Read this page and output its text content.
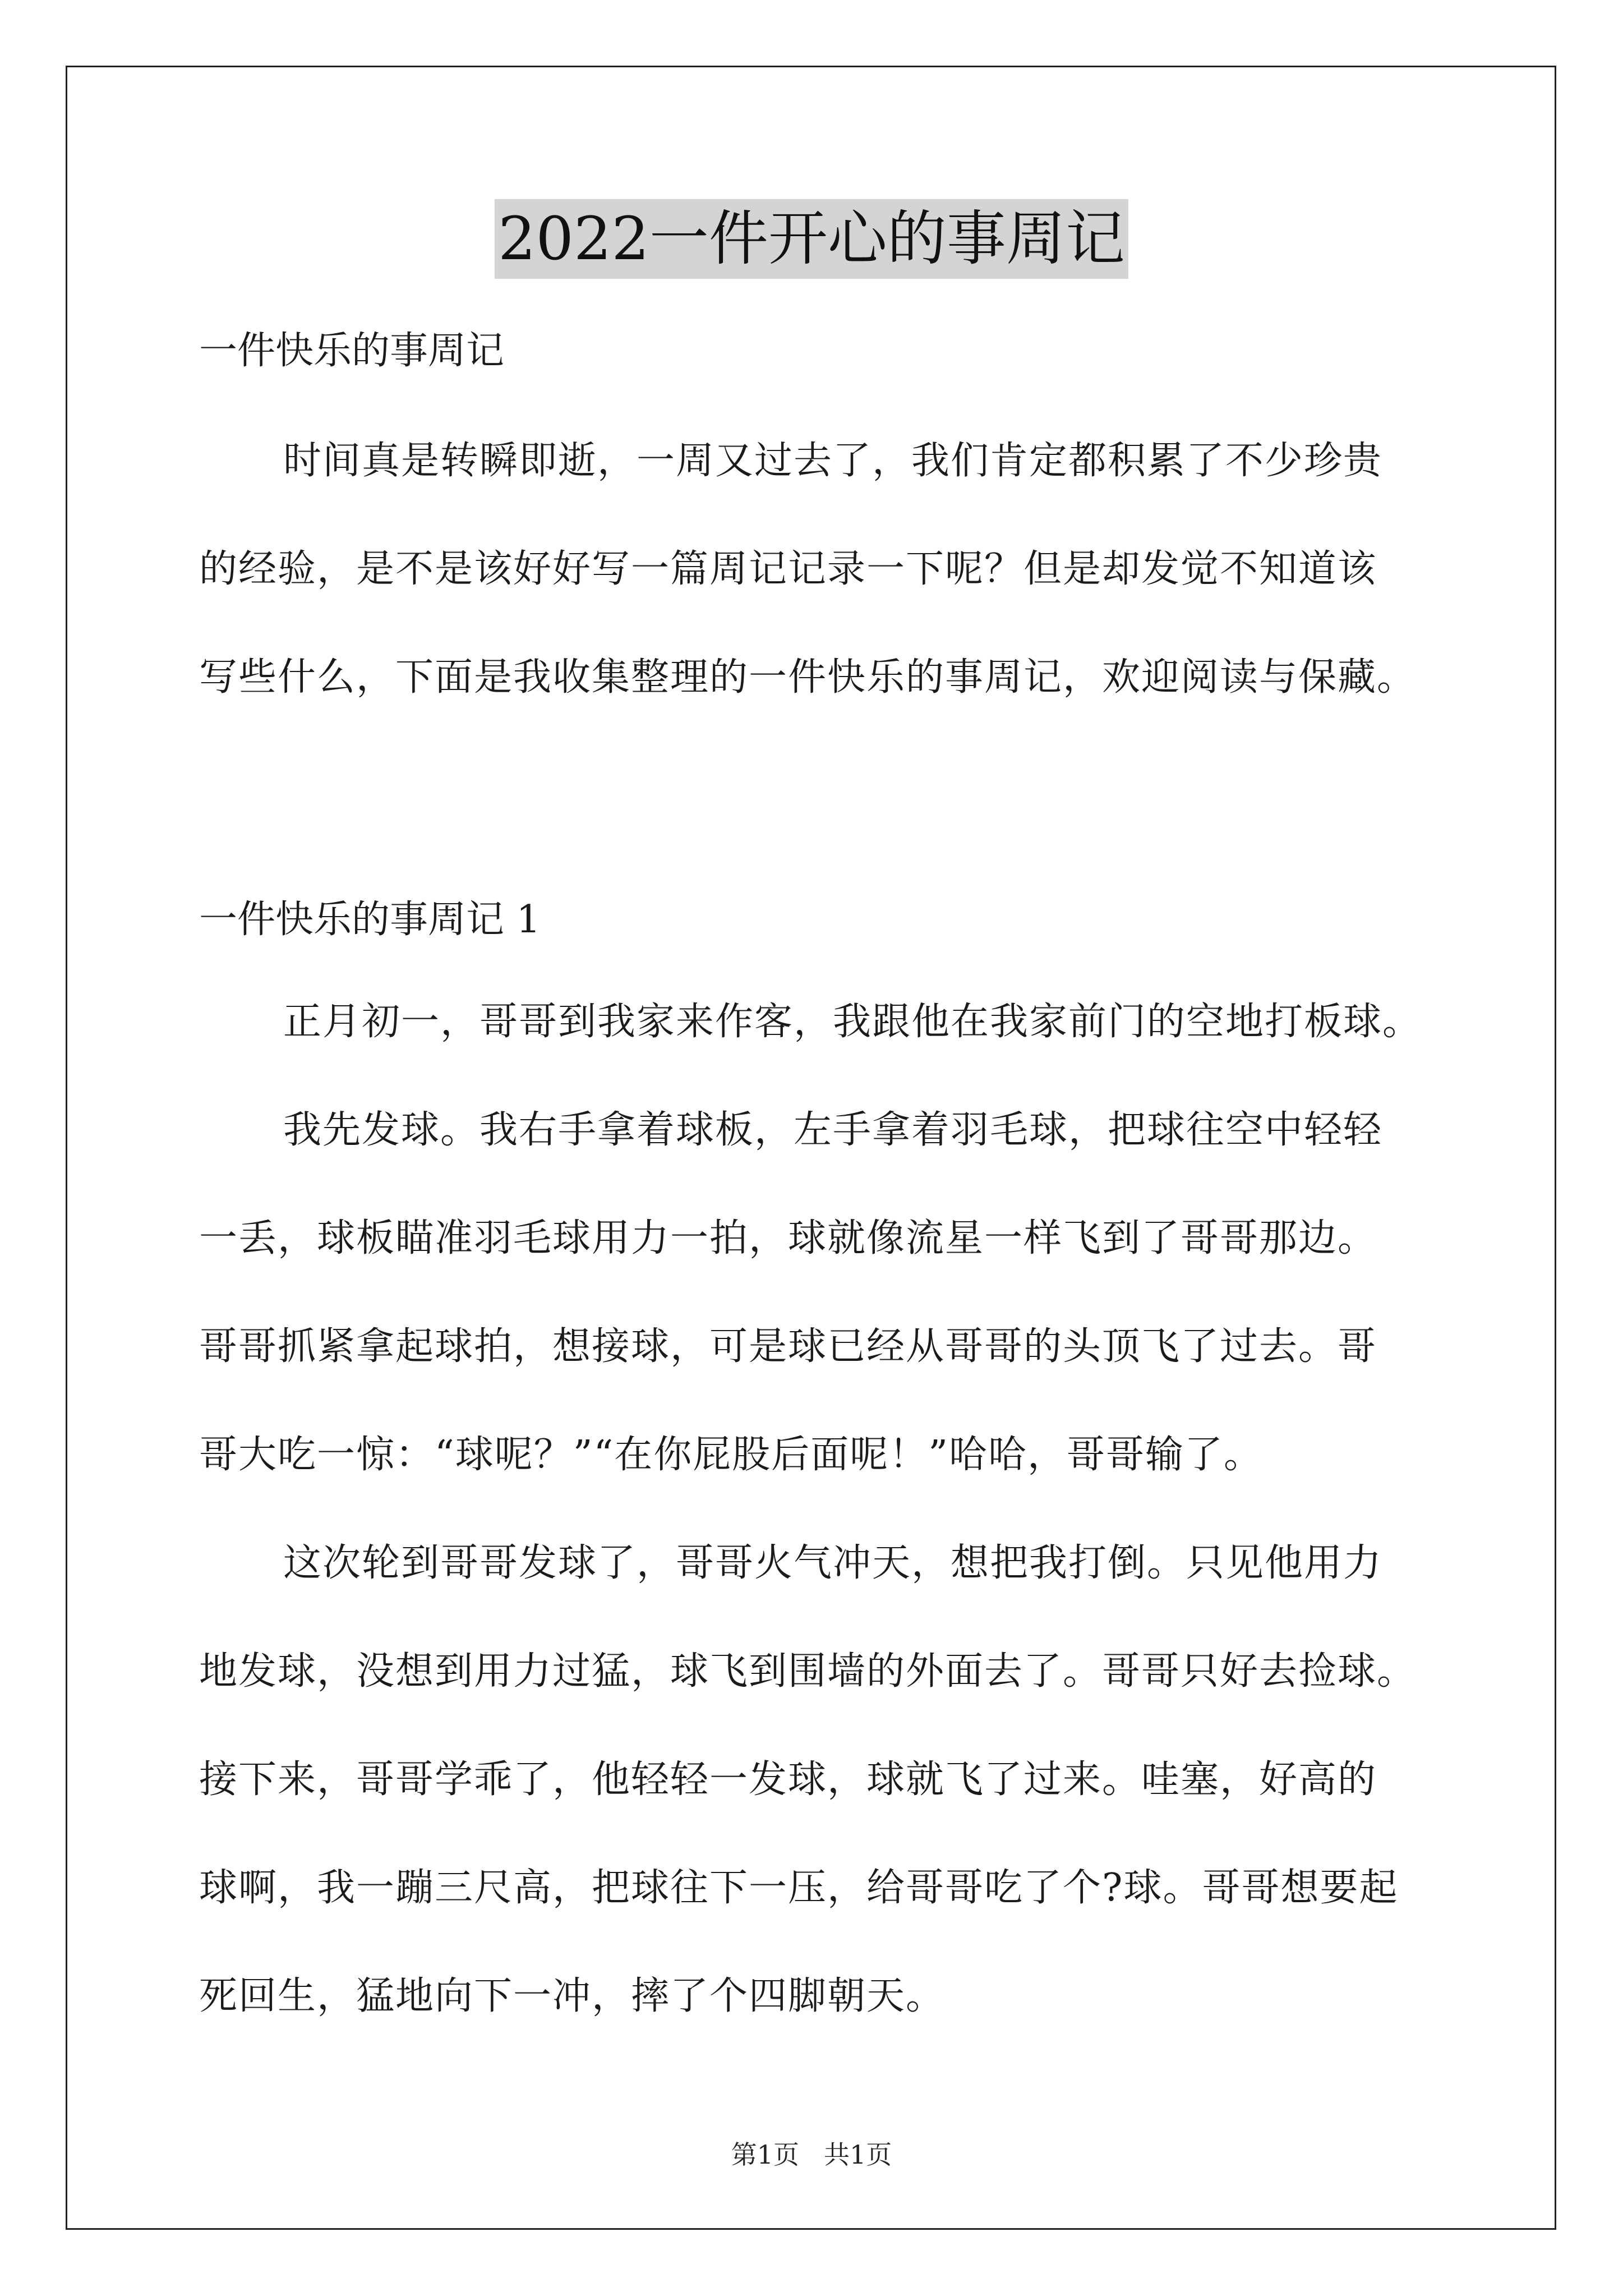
2022一件开心的事周记
一件快乐的事周记
时间真是转瞬即逝，一周又过去了，我们肯定都积累了不少珍贵
的经验，是不是该好好写一篇周记记录一下呢？但是却发觉不知道该
写些什么，下面是我收集整理的一件快乐的事周记，欢迎阅读与保藏。
一件快乐的事周记 1
正月初一，哥哥到我家来作客，我跟他在我家前门的空地打板球。
我先发球。我右手拿着球板，左手拿着羽毛球，把球往空中轻轻
一丢，球板瞄准羽毛球用力一拍，球就像流星一样飞到了哥哥那边。
哥哥抓紧拿起球拍，想接球，可是球已经从哥哥的头顶飞了过去。哥
哥大吃一惊：“球呢？”“在你屁股后面呢！”哈哈，哥哥输了。
这次轮到哥哥发球了，哥哥火气冲天，想把我打倒。只见他用力
地发球，没想到用力过猛，球飞到围墙的外面去了。哥哥只好去捡球。
接下来，哥哥学乖了，他轻轻一发球，球就飞了过来。哇塞，好高的
球啊，我一蹦三尺高，把球往下一压，给哥哥吃了个?球。哥哥想要起
死回生，猛地向下一冲，摔了个四脚朝天。
第1页 共1页
